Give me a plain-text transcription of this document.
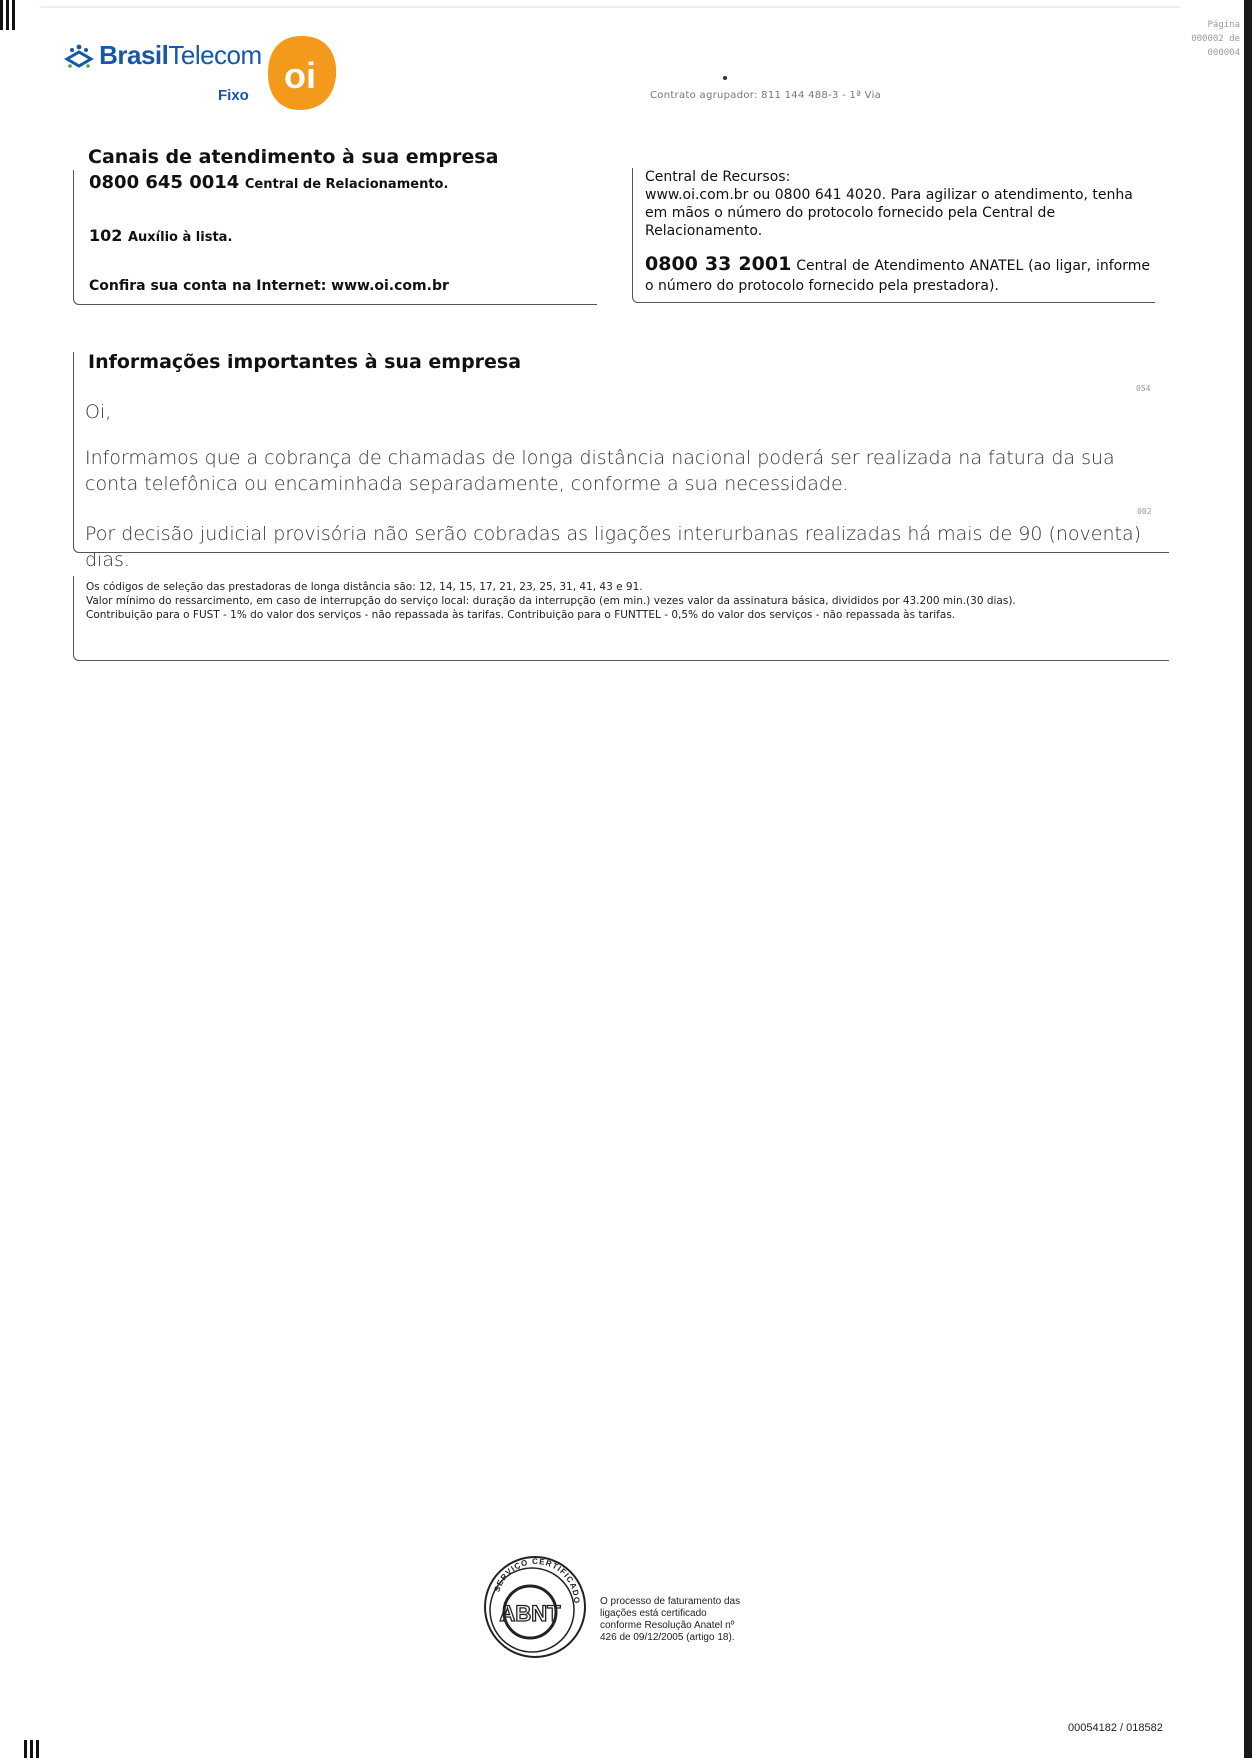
BrasilTelecom
Fixo oi
Página
000002 de
000004
Contrato agrupador: 811 144 488-3 - 1ª Via
Canais de atendimento à sua empresa
0800 645 0014 Central de Relacionamento.
102 Auxílio à lista.
Confira sua conta na Internet: www.oi.com.br
Central de Recursos:
www.oi.com.br ou 0800 641 4020. Para agilizar o atendimento, tenha em mãos o número do protocolo fornecido pela Central de Relacionamento.
0800 33 2001 Central de Atendimento ANATEL (ao ligar, informe o número do protocolo fornecido pela prestadora).
Informações importantes à sua empresa
054
Oi,
Informamos que a cobrança de chamadas de longa distância nacional poderá ser realizada na fatura da sua conta telefônica ou encaminhada separadamente, conforme a sua necessidade.
002
Por decisão judicial provisória não serão cobradas as ligações interurbanas realizadas há mais de 90 (noventa) dias.
Os códigos de seleção das prestadoras de longa distância são: 12, 14, 15, 17, 21, 23, 25, 31, 41, 43 e 91.
Valor mínimo do ressarcimento, em caso de interrupção do serviço local: duração da interrupção (em min.) vezes valor da assinatura básica, divididos por 43.200 min.(30 dias).
Contribuição para o FUST - 1% do valor dos serviços - não repassada às tarifas. Contribuição para o FUNTTEL - 0,5% do valor dos serviços - não repassada às tarifas.
SERVIÇO CERTIFICADO
ABNT	O processo de faturamento das ligações está certificado conforme Resolução Anatel nº 426 de 09/12/2005 (artigo 18).
00054182 / 018582
